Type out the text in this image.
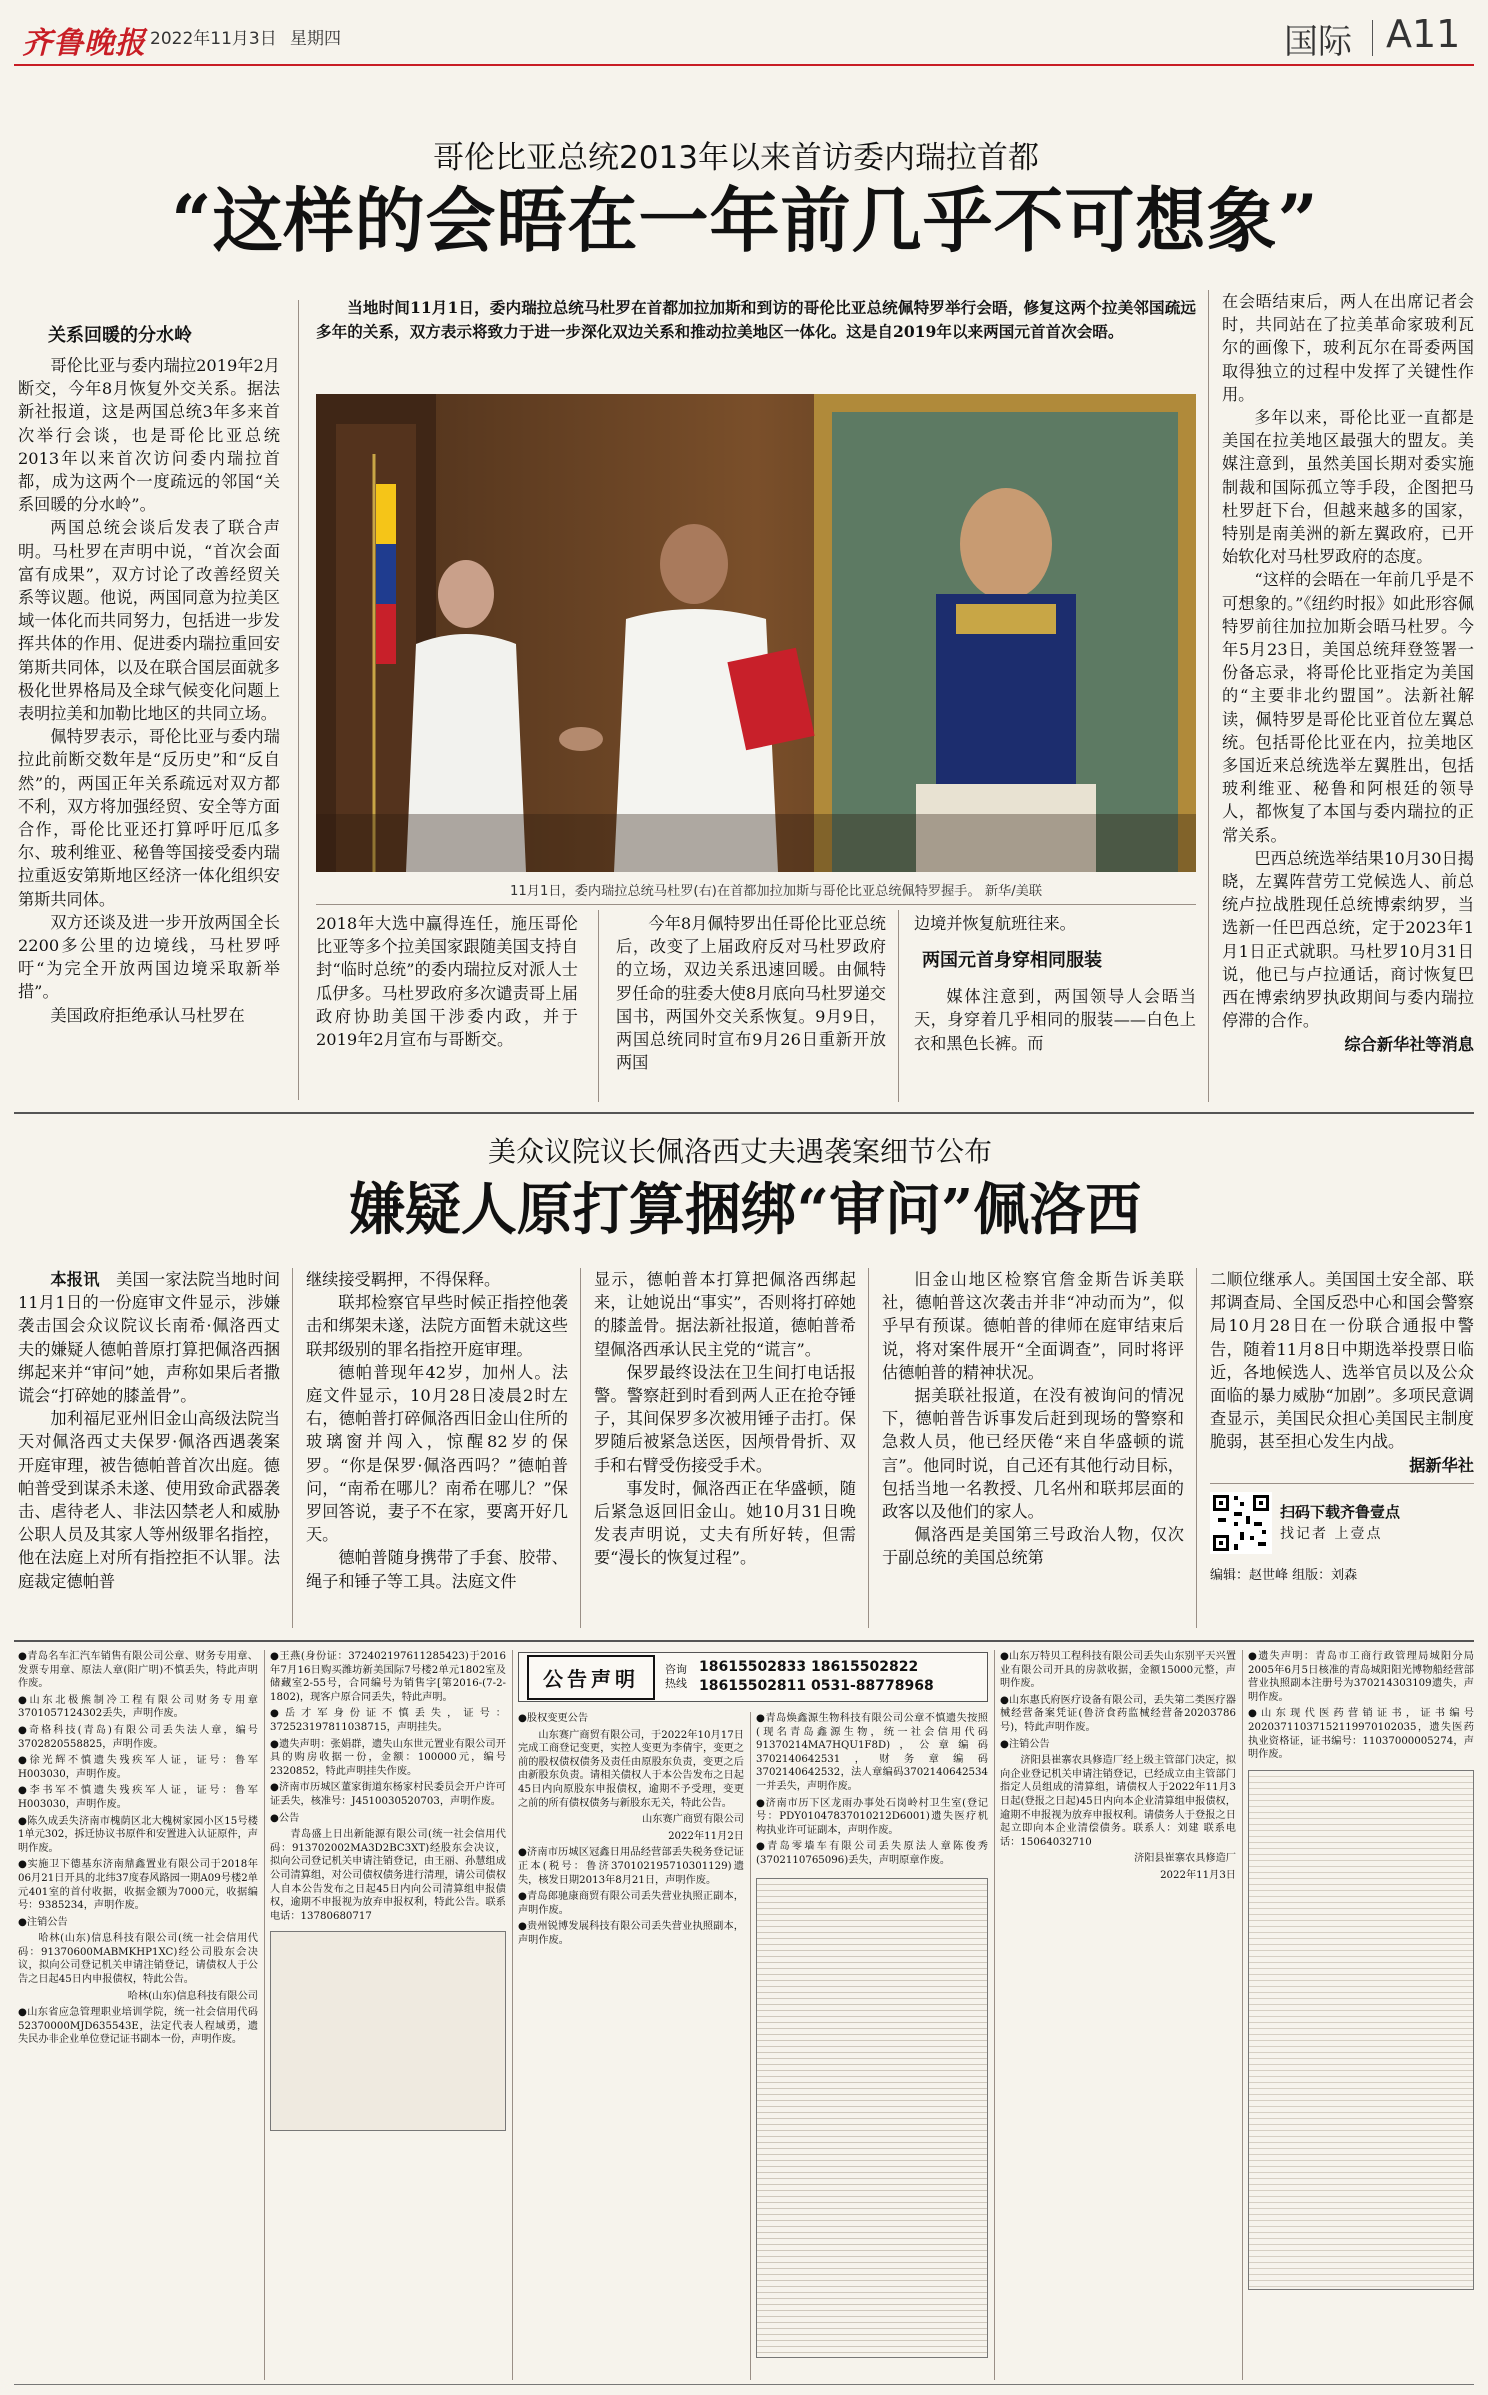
齐鲁晚报 2022年11月3日 星期四	国际 A11
哥伦比亚总统2013年以来首访委内瑞拉首都
“这样的会晤在一年前几乎不可想象”
当地时间11月1日，委内瑞拉总统马杜罗在首都加拉加斯和到访的哥伦比亚总统佩特罗举行会晤，修复这两个拉美邻国疏远多年的关系，双方表示将致力于进一步深化双边关系和推动拉美地区一体化。这是自2019年以来两国元首首次会晤。
关系回暖的分水岭

哥伦比亚与委内瑞拉2019年2月断交，今年8月恢复外交关系。据法新社报道，这是两国总统3年多来首次举行会谈，也是哥伦比亚总统2013年以来首次访问委内瑞拉首都，成为这两个一度疏远的邻国“关系回暖的分水岭”。

两国总统会谈后发表了联合声明。马杜罗在声明中说，“首次会面富有成果”，双方讨论了改善经贸关系等议题。他说，两国同意为拉美区域一体化而共同努力，包括进一步发挥共体的作用、促进委内瑞拉重回安第斯共同体，以及在联合国层面就多极化世界格局及全球气候变化问题上表明拉美和加勒比地区的共同立场。

佩特罗表示，哥伦比亚与委内瑞拉此前断交数年是“反历史”和“反自然”的，两国正年关系疏远对双方都不利，双方将加强经贸、安全等方面合作，哥伦比亚还打算呼吁厄瓜多尔、玻利维亚、秘鲁等国接受委内瑞拉重返安第斯地区经济一体化组织安第斯共同体。

双方还谈及进一步开放两国全长2200多公里的边境线，马杜罗呼吁“为完全开放两国边境采取新举措”。

美国政府拒绝承认马杜罗在

11月1日，委内瑞拉总统马杜罗(右)在首都加拉加斯与哥伦比亚总统佩特罗握手。 新华/美联

2018年大选中赢得连任，施压哥伦比亚等多个拉美国家跟随美国支持自封“临时总统”的委内瑞拉反对派人士瓜伊多。马杜罗政府多次谴责哥上届政府协助美国干涉委内政，并于2019年2月宣布与哥断交。

今年8月佩特罗出任哥伦比亚总统后，改变了上届政府反对马杜罗政府的立场，双边关系迅速回暖。由佩特罗任命的驻委大使8月底向马杜罗递交国书，两国外交关系恢复。9月9日，两国总统同时宣布9月26日重新开放两国

边境并恢复航班往来。

两国元首身穿相同服装

媒体注意到，两国领导人会晤当天，身穿着几乎相同的服装——白色上衣和黑色长裤。而

在会晤结束后，两人在出席记者会时，共同站在了拉美革命家玻利瓦尔的画像下，玻利瓦尔在哥委两国取得独立的过程中发挥了关键性作用。

多年以来，哥伦比亚一直都是美国在拉美地区最强大的盟友。美媒注意到，虽然美国长期对委实施制裁和国际孤立等手段，企图把马杜罗赶下台，但越来越多的国家，特别是南美洲的新左翼政府，已开始软化对马杜罗政府的态度。

“这样的会晤在一年前几乎是不可想象的。”《纽约时报》如此形容佩特罗前往加拉加斯会晤马杜罗。今年5月23日，美国总统拜登签署一份备忘录，将哥伦比亚指定为美国的“主要非北约盟国”。法新社解读，佩特罗是哥伦比亚首位左翼总统。包括哥伦比亚在内，拉美地区多国近来总统选举左翼胜出，包括玻利维亚、秘鲁和阿根廷的领导人，都恢复了本国与委内瑞拉的正常关系。

巴西总统选举结果10月30日揭晓，左翼阵营劳工党候选人、前总统卢拉战胜现任总统博索纳罗，当选新一任巴西总统，定于2023年1月1日正式就职。马杜罗10月31日说，他已与卢拉通话，商讨恢复巴西在博索纳罗执政期间与委内瑞拉停滞的合作。

综合新华社等消息

美众议院议长佩洛西丈夫遇袭案细节公布
嫌疑人原打算捆绑“审问”佩洛西

本报讯　 美国一家法院当地时间11月1日的一份庭审文件显示，涉嫌袭击国会众议院议长南希·佩洛西丈夫的嫌疑人德帕普原打算把佩洛西捆绑起来并“审问”她，声称如果后者撒谎会“打碎她的膝盖骨”。

加利福尼亚州旧金山高级法院当天对佩洛西丈夫保罗·佩洛西遇袭案开庭审理，被告德帕普首次出庭。德帕普受到谋杀未遂、使用致命武器袭击、虐待老人、非法囚禁老人和威胁公职人员及其家人等州级罪名指控，他在法庭上对所有指控拒不认罪。法庭裁定德帕普

继续接受羁押，不得保释。

联邦检察官早些时候正指控他袭击和绑架未遂，法院方面暂未就这些联邦级别的罪名指控开庭审理。

德帕普现年42岁，加州人。法庭文件显示，10月28日凌晨2时左右，德帕普打碎佩洛西旧金山住所的玻璃窗并闯入，惊醒82岁的保罗。“你是保罗·佩洛西吗？”德帕普问，“南希在哪儿？南希在哪儿？”保罗回答说，妻子不在家，要离开好几天。

德帕普随身携带了手套、胶带、绳子和锤子等工具。法庭文件

显示，德帕普本打算把佩洛西绑起来，让她说出“事实”，否则将打碎她的膝盖骨。据法新社报道，德帕普希望佩洛西承认民主党的“谎言”。

保罗最终设法在卫生间打电话报警。警察赶到时看到两人正在抢夺锤子，其间保罗多次被用锤子击打。保罗随后被紧急送医，因颅骨骨折、双手和右臂受伤接受手术。

事发时，佩洛西正在华盛顿，随后紧急返回旧金山。她10月31日晚发表声明说，丈夫有所好转，但需要“漫长的恢复过程”。

旧金山地区检察官詹金斯告诉美联社，德帕普这次袭击并非“冲动而为”，似乎早有预谋。德帕普的律师在庭审结束后说，将对案件展开“全面调查”，同时将评估德帕普的精神状况。

据美联社报道，在没有被询问的情况下，德帕普告诉事发后赶到现场的警察和急救人员，他已经厌倦“来自华盛顿的谎言”。他同时说，自己还有其他行动目标，包括当地一名教授、几名州和联邦层面的政客以及他们的家人。

佩洛西是美国第三号政治人物，仅次于副总统的美国总统第

二顺位继承人。美国国土安全部、联邦调查局、全国反恐中心和国会警察局10月28日在一份联合通报中警告，随着11月8日中期选举投票日临近，各地候选人、选举官员以及公众面临的暴力威胁“加剧”。多项民意调查显示，美国民众担心美国民主制度脆弱，甚至担心发生内战。

据新华社

扫码下载齐鲁壹点
找记者 上壹点
编辑：赵世峰 组版：刘森

●青岛名车汇汽车销售有限公司公章、财务专用章、发票专用章、原法人章(阳广明)不慎丢失，特此声明作废。

●山东北极熊制冷工程有限公司财务专用章3701057124302丢失，声明作废。

●奇格科技(青岛)有限公司丢失法人章，编号3702820558825，声明作废。

●徐光辉不慎遗失残疾军人证，证号：鲁军H003030，声明作废。

●李书军不慎遗失残疾军人证，证号：鲁军H003030，声明作废。

●陈久成丢失济南市槐荫区北大槐树家园小区15号楼1单元302，拆迁协议书原件和安置进入认证原件，声明作废。

●实施卫下德基东济南鼎鑫置业有限公司于2018年06月21日开具的北纬37度春风路园一期A09号楼2单元401室的首付收据，收据金额为7000元，收据编号：9385234，声明作废。

●注销公告

哈林(山东)信息科技有限公司(统一社会信用代码：91370600MABMKHP1XC)经公司股东会决议，拟向公司登记机关申请注销登记，请债权人于公告之日起45日内申报债权，特此公告。

哈林(山东)信息科技有限公司

●山东省应急管理职业培训学院，统一社会信用代码52370000MJD635543E，法定代表人程域勇，遗失民办非企业单位登记证书副本一份，声明作废。

●王燕(身份证：372402197611285423)于2016年7月16日购买潍坊新美国际7号楼2单元1802室及储藏室2-55号，合同编号为销售字[第2016-(7-2-1802)，现客户原合同丢失，特此声明。

●岳才军身份证不慎丢失，证号：372523197811038715，声明挂失。

●遗失声明：张娟群，遗失山东世元置业有限公司开具的购房收据一份，金额：100000元，编号2320852，特此声明挂失作废。

●济南市历城区董家街道东杨家村民委员会开户许可证丢失，核准号：J4510030520703，声明作废。

●公告

青岛盛上日出新能源有限公司(统一社会信用代码：913702002MA3D2BC3XT)经股东会决议，拟向公司登记机关申请注销登记，由王丽、孙慧组成公司清算组，对公司债权债务进行清理，请公司债权人自本公告发布之日起45日内向公司清算组申报债权，逾期不申报视为放弃申报权利，特此公告。联系电话：13780680717

公告声明	咨询
热线
18615502833 18615502822
18615502811 0531-88778968

●股权变更公告

山东赛广商贸有限公司，于2022年10月17日完成工商登记变更，实控人变更为李倩宇，变更之前的股权债权债务及责任由原股东负责，变更之后由新股东负责。请相关债权人于本公告发布之日起45日内向原股东申报债权，逾期不予受理，变更之前的所有债权债务与新股东无关，特此公告。

山东赛广商贸有限公司

2022年11月2日

●济南市历城区冠鑫日用品经营部丢失税务登记证正本(税号：鲁济370102195710301129)遗失，核发日期2013年8月21日，声明作废。

●青岛郎驰康商贸有限公司丢失营业执照正副本，声明作废。

●贵州锐博发展科技有限公司丢失营业执照副本，声明作废。

●青岛焕鑫源生物科技有限公司公章不慎遗失按照(现名青岛鑫源生物，统一社会信用代码91370214MA7HQU1F8D)，公章编码3702140642531，财务章编码3702140642532，法人章编码3702140642534一并丢失，声明作废。

●济南市历下区龙雨办事处石岗岭村卫生室(登记号：PDY01047837010212D6001)遗失医疗机构执业许可证副本，声明作废。

●青岛零墙车有限公司丢失原法人章陈俊秀(3702110765096)丢失，声明原章作废。

●山东万特贝工程科技有限公司丢失山东别平天兴置业有限公司开具的房款收据，金额15000元整，声明作废。

●山东惠氏府医疗设备有限公司，丢失第二类医疗器械经营备案凭证(鲁济食药监械经营备20203786号)，特此声明作废。

●注销公告

济阳县崔寨农具修造厂经上级主管部门决定，拟向企业登记机关申请注销登记，已经成立由主管部门指定人员组成的清算组，请债权人于2022年11月3日起(登报之日起)45日内向本企业清算组申报债权，逾期不申报视为放弃申报权利。请债务人于登报之日起立即向本企业清偿债务。联系人：刘建 联系电话：15064032710

济阳县崔寨农具修造厂

2022年11月3日

●遗失声明：青岛市工商行政管理局城阳分局2005年6月5日核准的青岛城阳阳光博物船经营部营业执照副本注册号为370214303109遗失，声明作废。

●山东现代医药营销证书，证书编号20203711037152119970102035，遗失医药执业资格证，证书编号：11037000005274，声明作废。
